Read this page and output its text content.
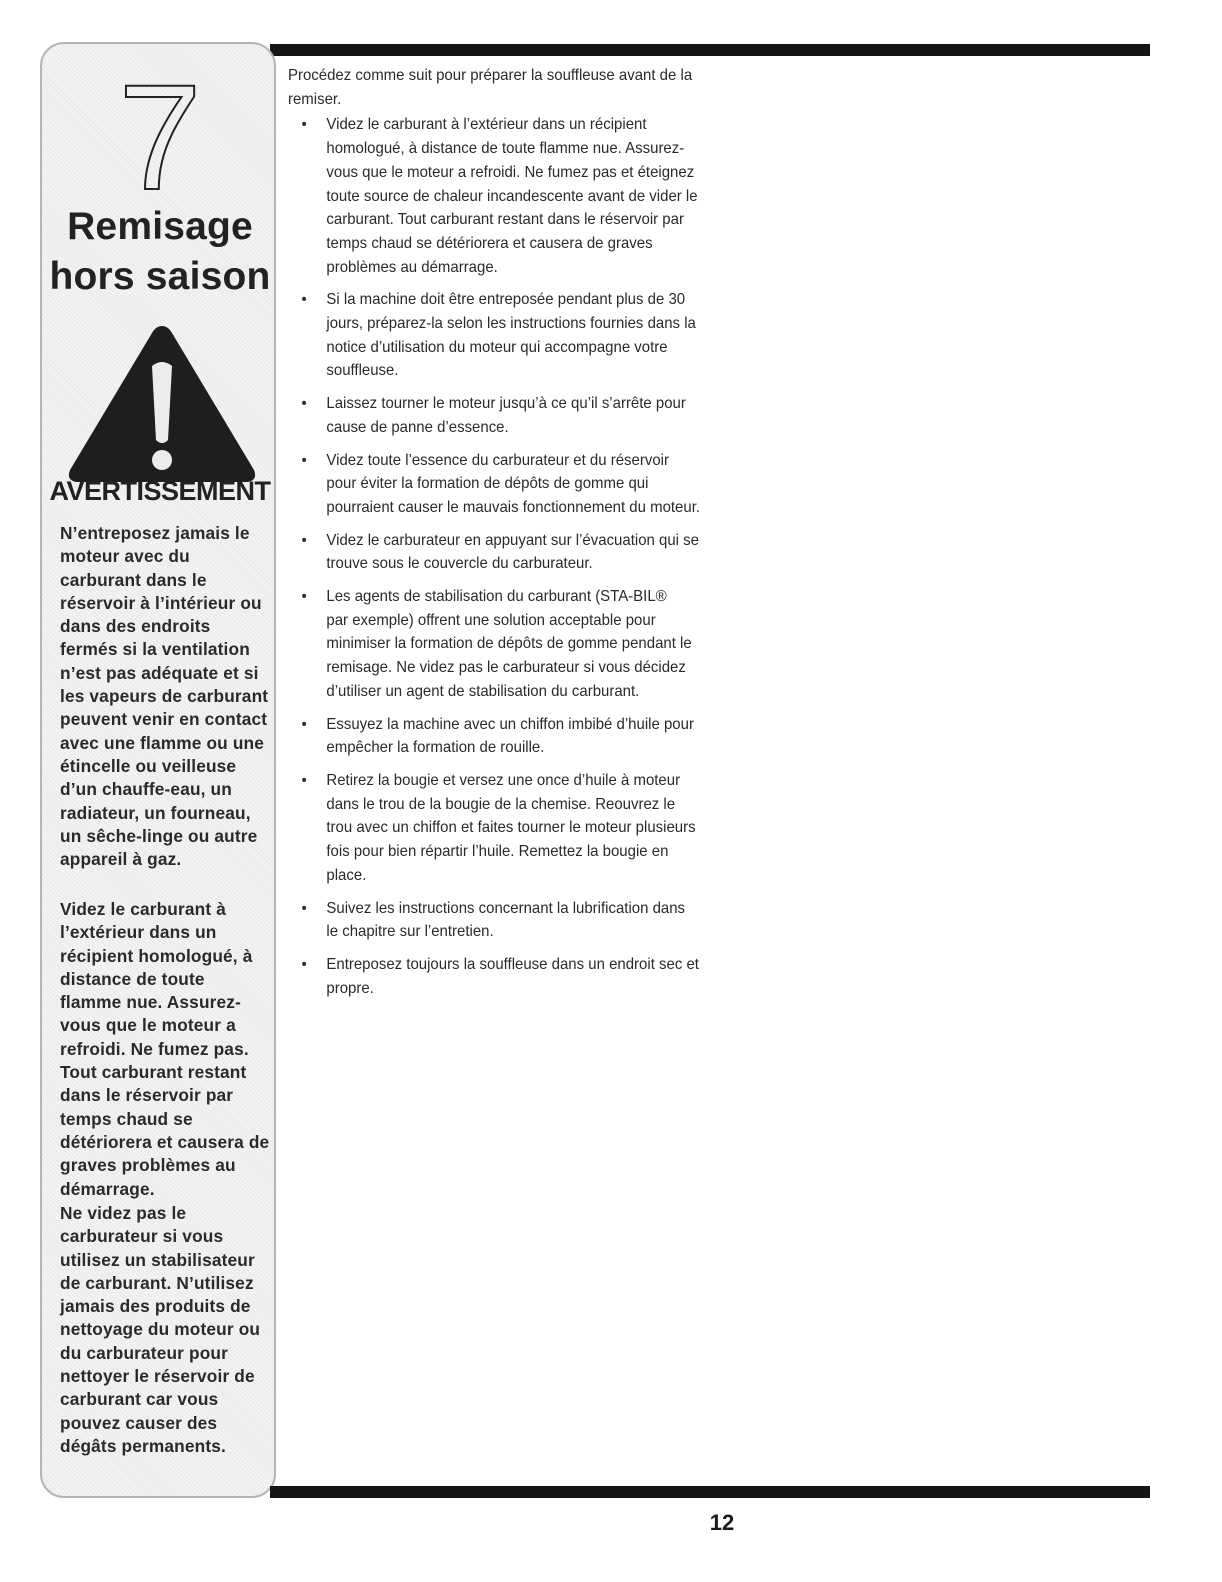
7
Remisage
hors saison
AVERTISSEMENT

N’entreposez jamais le moteur avec du carburant dans le réservoir à l’intérieur ou dans des endroits fermés si la ventilation n’est pas adéquate et si les vapeurs de carburant peuvent venir en contact avec une flamme ou une étincelle ou veilleuse d’un chauffe-eau, un radiateur, un fourneau, un sêche-linge ou autre appareil à gaz.

Videz le carburant à l’extérieur dans un récipient homologué, à distance de toute flamme nue. Assurez-vous que le moteur a refroidi. Ne fumez pas. Tout carburant restant dans le réservoir par temps chaud se détériorera et causera de graves problèmes au démarrage.

Ne videz pas le carburateur si vous utilisez un stabilisateur de carburant. N’utilisez jamais des produits de nettoyage du moteur ou du carburateur pour nettoyer le réservoir de carburant car vous pouvez causer des dégâts permanents.

Procédez comme suit pour préparer la souffleuse avant de la remiser.

• Videz le carburant à l’extérieur dans un récipient homologué, à distance de toute flamme nue. Assurez-vous que le moteur a refroidi. Ne fumez pas et éteignez toute source de chaleur incandescente avant de vider le carburant. Tout carburant restant dans le réservoir par temps chaud se détériorera et causera de graves problèmes au démarrage.
• Si la machine doit être entreposée pendant plus de 30 jours, préparez-la selon les instructions fournies dans la notice d’utilisation du moteur qui accompagne votre souffleuse.
• Laissez tourner le moteur jusqu’à ce qu’il s’arrête pour cause de panne d’essence.
• Videz toute l’essence du carburateur et du réservoir pour éviter la formation de dépôts de gomme qui pourraient causer le mauvais fonctionnement du moteur.
• Videz le carburateur en appuyant sur l’évacuation qui se trouve sous le couvercle du carburateur.
• Les agents de stabilisation du carburant (STA-BIL®
par exemple) offrent une solution acceptable pour minimiser la formation de dépôts de gomme pendant le remisage. Ne videz pas le carburateur si vous décidez d’utiliser un agent de stabilisation du carburant.
• Essuyez la machine avec un chiffon imbibé d’huile pour empêcher la formation de rouille.
• Retirez la bougie et versez une once d’huile à moteur dans le trou de la bougie de la chemise. Reouvrez le trou avec un chiffon et faites tourner le moteur plusieurs fois pour bien répartir l’huile. Remettez la bougie en place.
• Suivez les instructions concernant la lubrification dans le chapitre sur l’entretien.
• Entreposez toujours la souffleuse dans un endroit sec et propre.
12
